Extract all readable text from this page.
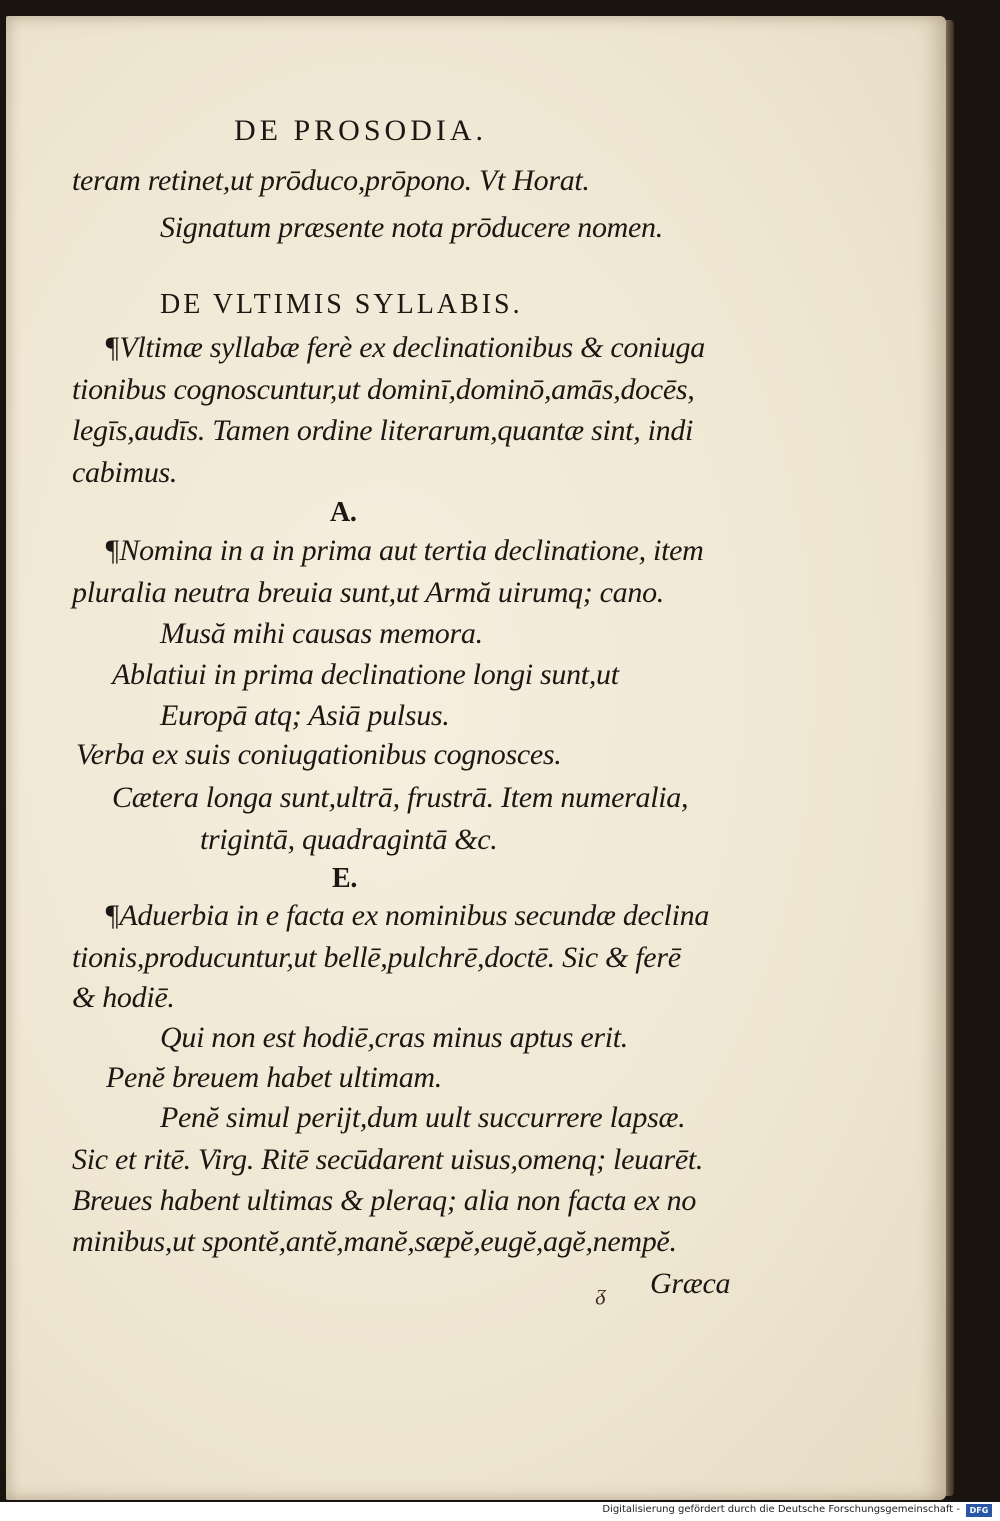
DE PROSODIA.
teram retinet,ut prōduco,prōpono. Vt Horat.
Signatum præsente nota prōducere nomen.
DE VLTIMIS SYLLABIS.
¶Vltimæ syllabæ ferè ex declinationibus & coniuga
tionibus cognoscuntur,ut dominī,dominō,amās,docēs,
legīs,audīs. Tamen ordine literarum,quantæ sint, indi
cabimus.
A.
¶Nomina in a in prima aut tertia declinatione, item
pluralia neutra breuia sunt,ut Armă uirumq; cano.
Musă mihi causas memora.
Ablatiui in prima declinatione longi sunt,ut
Europā atq; Asiā pulsus.
Verba ex suis coniugationibus cognosces.
Cætera longa sunt,ultrā, frustrā. Item numeralia,
trigintā, quadragintā &c.
E.
¶Aduerbia in e facta ex nominibus secundæ declina
tionis,producuntur,ut bellē,pulchrē,doctē. Sic & ferē
& hodiē.
Qui non est hodiē,cras minus aptus erit.
Penĕ breuem habet ultimam.
Penĕ simul perijt,dum uult succurrere lapsæ.
Sic et ritē. Virg. Ritē secūdarent uisus,omenq; leuarēt.
Breues habent ultimas & pleraq; alia non facta ex no
minibus,ut spontĕ,antĕ,manĕ,sæpĕ,eugĕ,agĕ,nempĕ.
Græca
ᵹ
Digitalisierung gefördert durch die Deutsche Forschungsgemeinschaft -	DFG
